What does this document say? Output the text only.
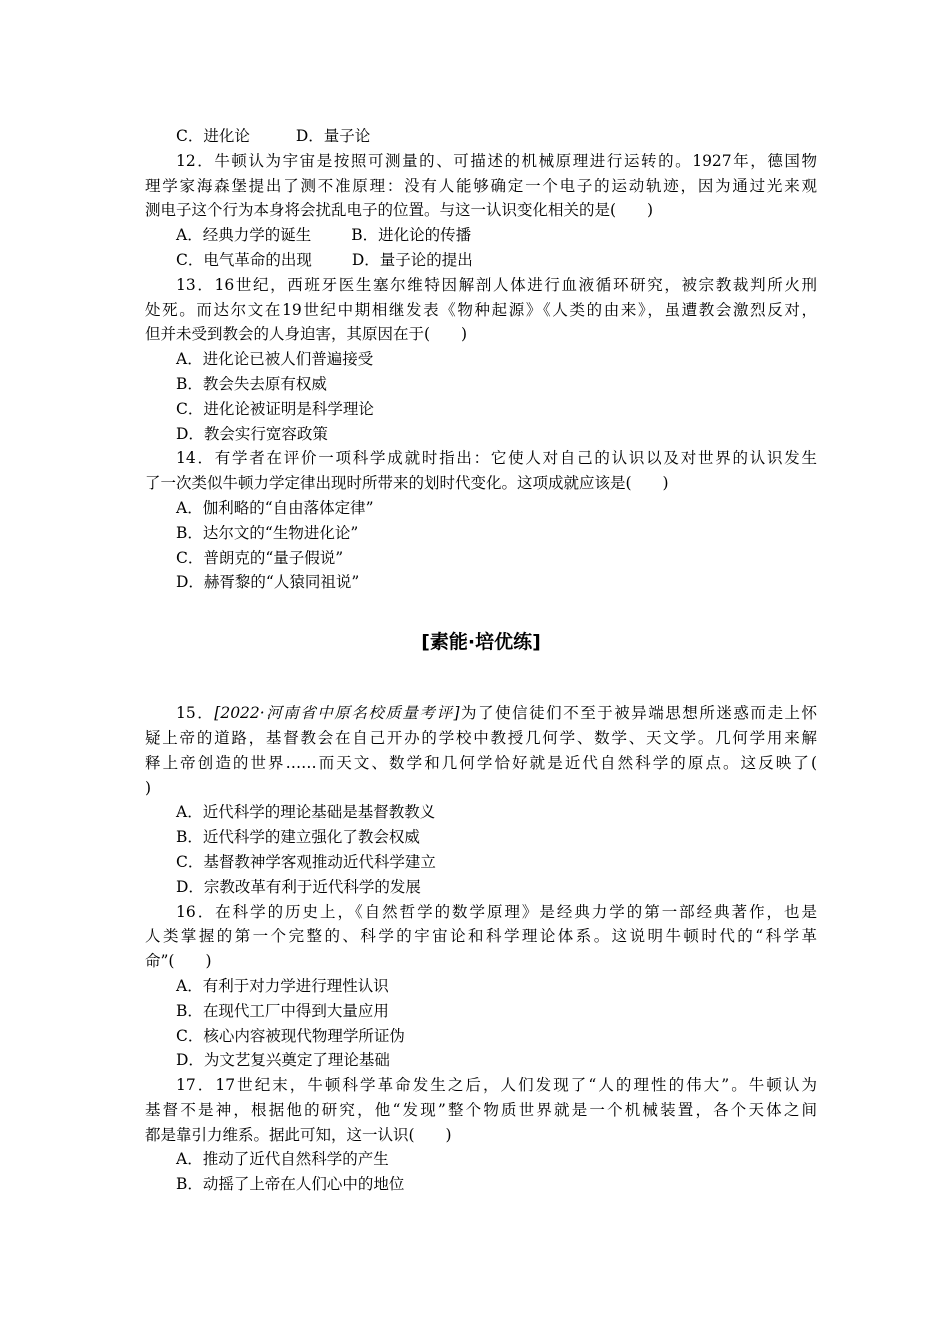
C．进化论	D．量子论
12．牛顿认为宇宙是按照可测量的、可描述的机械原理进行运转的。1927年，德国物
理学家海森堡提出了测不准原理：没有人能够确定一个电子的运动轨迹，因为通过光来观
测电子这个行为本身将会扰乱电子的位置。与这一认识变化相关的是(　　)
A．经典力学的诞生	B．进化论的传播
C．电气革命的出现	D．量子论的提出
13．16世纪，西班牙医生塞尔维特因解剖人体进行血液循环研究，被宗教裁判所火刑
处死。而达尔文在19世纪中期相继发表《物种起源》《人类的由来》，虽遭教会激烈反对，
但并未受到教会的人身迫害，其原因在于(　　)
A．进化论已被人们普遍接受
B．教会失去原有权威
C．进化论被证明是科学理论
D．教会实行宽容政策
14．有学者在评价一项科学成就时指出：它使人对自己的认识以及对世界的认识发生
了一次类似牛顿力学定律出现时所带来的划时代变化。这项成就应该是(　　)
A．伽利略的“自由落体定律”
B．达尔文的“生物进化论”
C．普朗克的“量子假说”
D．赫胥黎的“人猿同祖说”
[素能·培优练]
15．[2022·河南省中原名校质量考评]为了使信徒们不至于被异端思想所迷惑而走上怀
疑上帝的道路，基督教会在自己开办的学校中教授几何学、数学、天文学。几何学用来解
释上帝创造的世界……而天文、数学和几何学恰好就是近代自然科学的原点。这反映了(
)
A．近代科学的理论基础是基督教教义
B．近代科学的建立强化了教会权威
C．基督教神学客观推动近代科学建立
D．宗教改革有利于近代科学的发展
16．在科学的历史上，《自然哲学的数学原理》是经典力学的第一部经典著作，也是
人类掌握的第一个完整的、科学的宇宙论和科学理论体系。这说明牛顿时代的“科学革
命”(　　)
A．有利于对力学进行理性认识
B．在现代工厂中得到大量应用
C．核心内容被现代物理学所证伪
D．为文艺复兴奠定了理论基础
17．17世纪末，牛顿科学革命发生之后，人们发现了“人的理性的伟大”。牛顿认为
基督不是神，根据他的研究，他“发现”整个物质世界就是一个机械装置，各个天体之间
都是靠引力维系。据此可知，这一认识(　　)
A．推动了近代自然科学的产生
B．动摇了上帝在人们心中的地位
